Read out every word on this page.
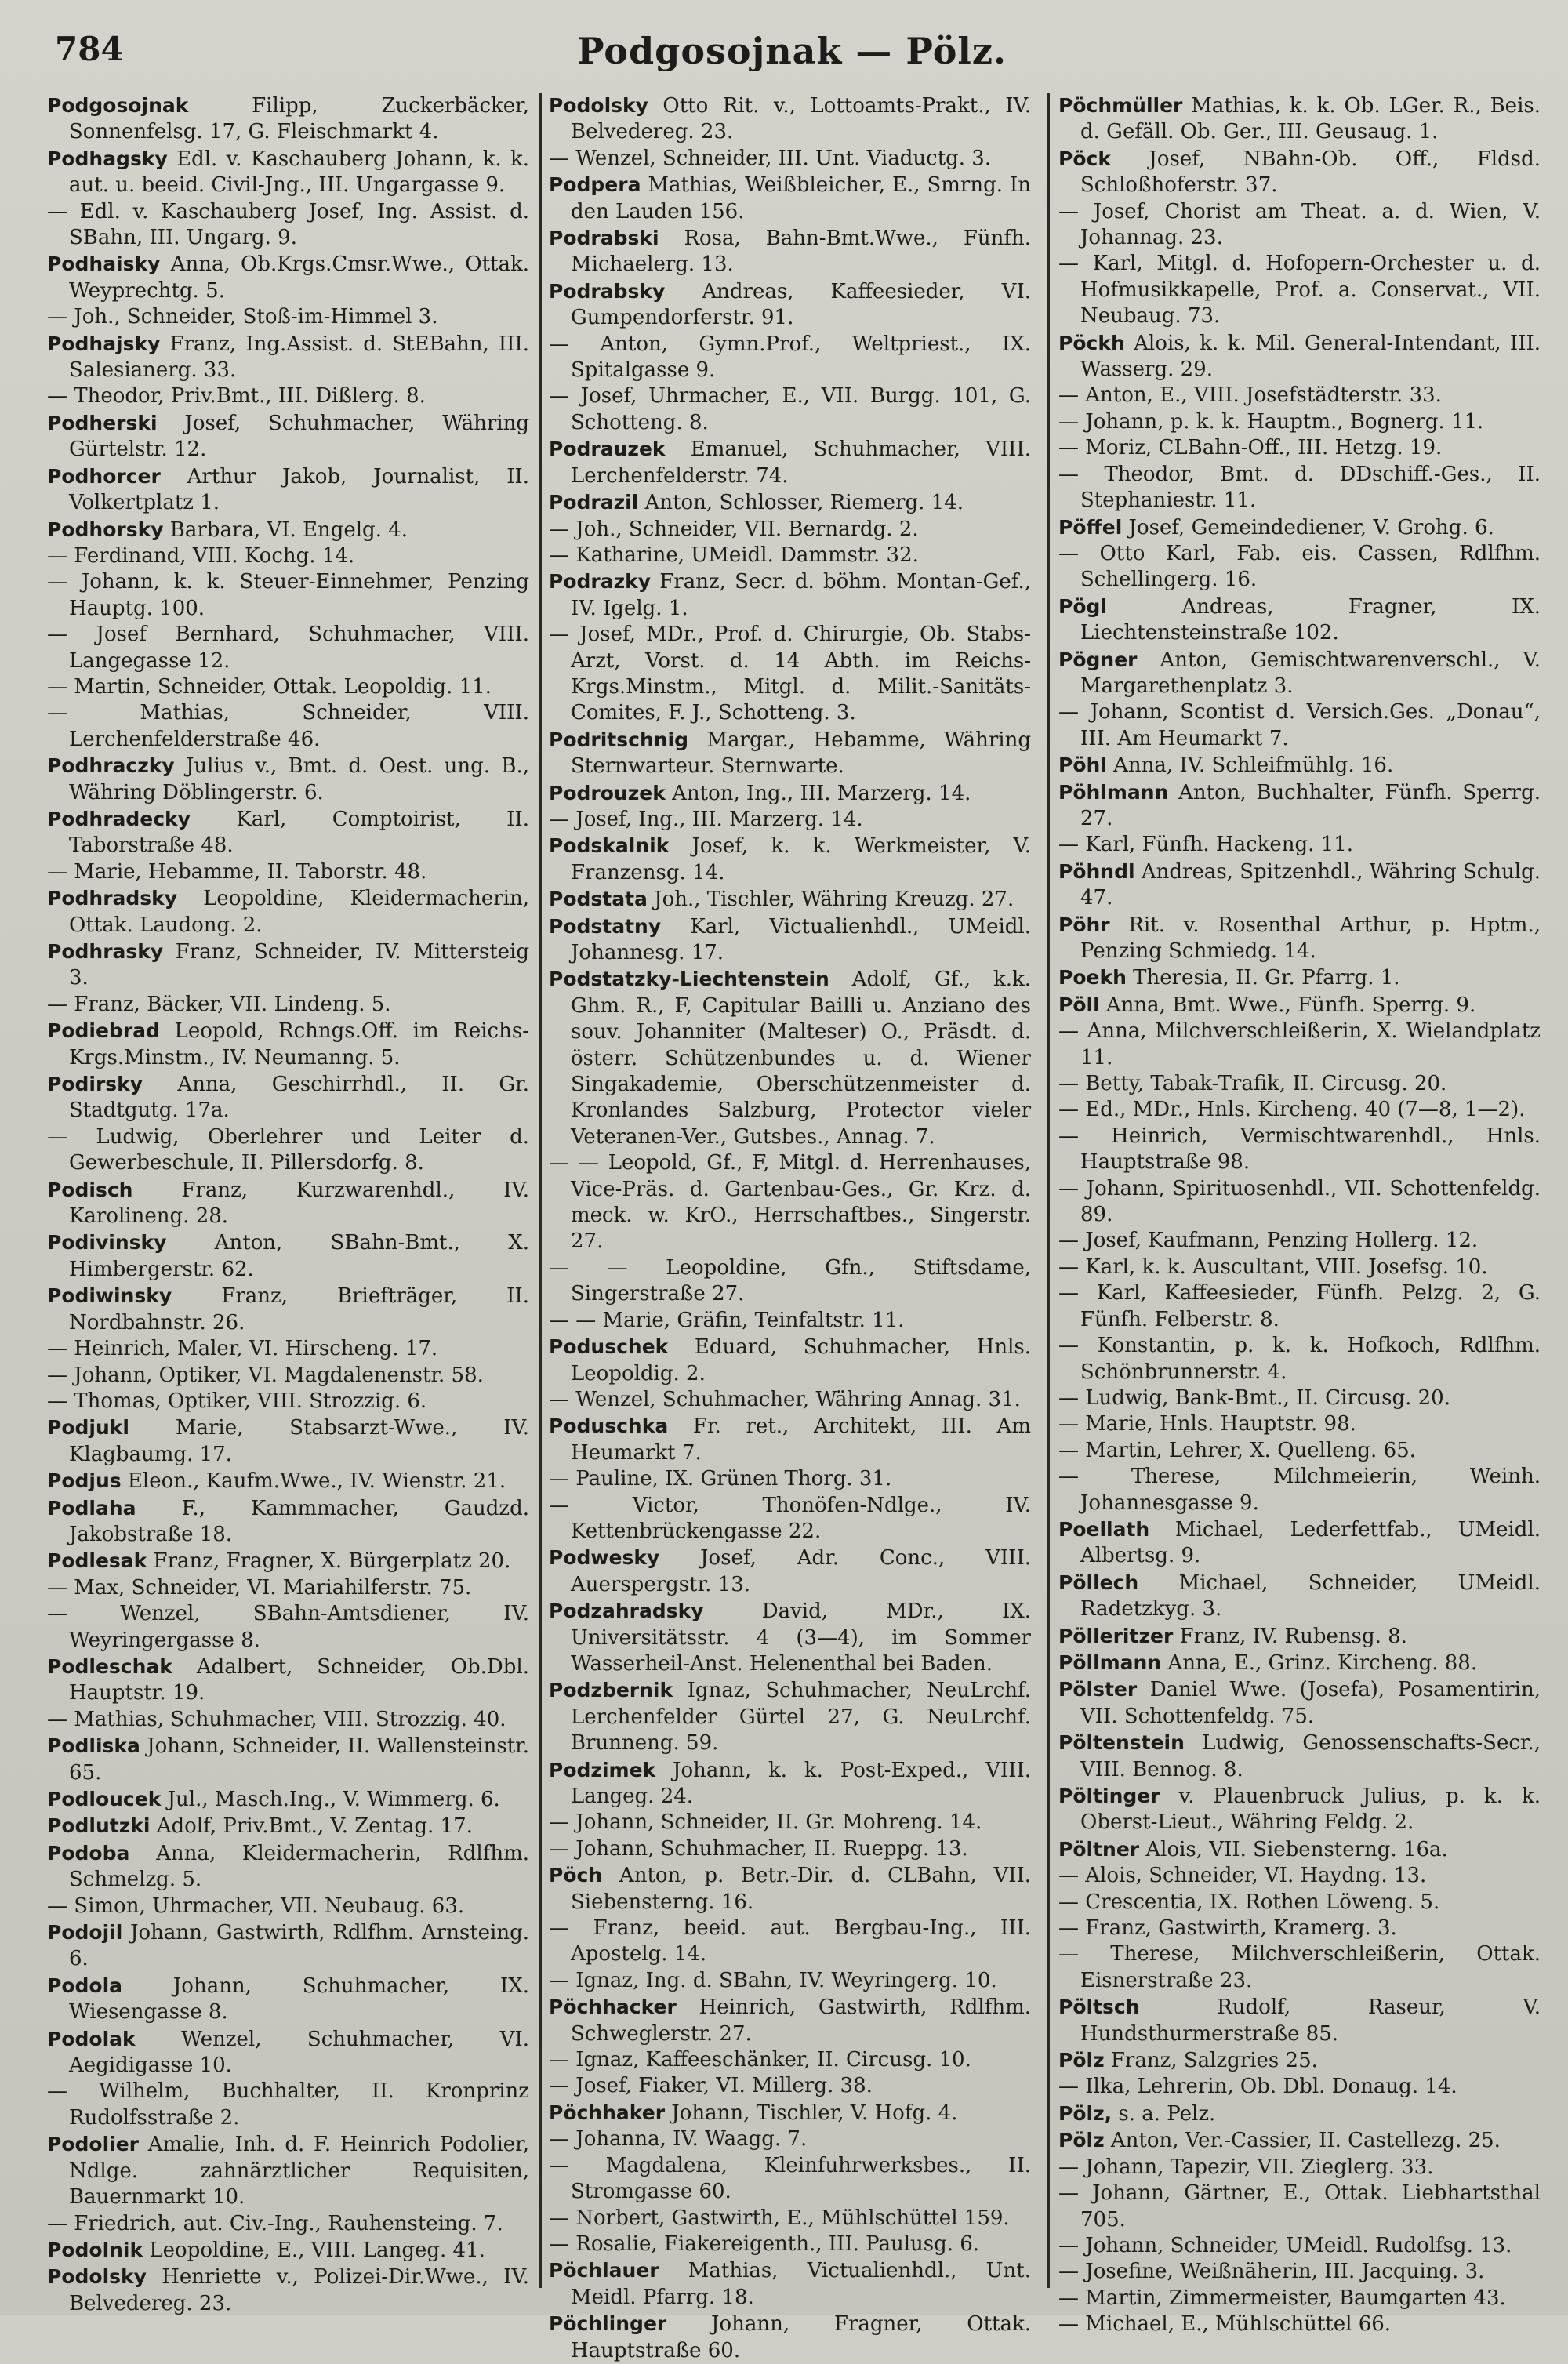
784	Podgosojnak — Pölz.

Podgosojnak Filipp, Zuckerbäcker, Sonnenfelsg. 17, G. Fleischmarkt 4.

Podhagsky Edl. v. Kaschauberg Johann, k. k. aut. u. beeid. Civil-Jng., III. Ungargasse 9.

— Edl. v. Kaschauberg Josef, Ing. Assist. d. SBahn, III. Ungarg. 9.

Podhaisky Anna, Ob.Krgs.Cmsr.Wwe., Ottak. Weyprechtg. 5.

— Joh., Schneider, Stoß-im-Himmel 3.

Podhajsky Franz, Ing.Assist. d. StEBahn, III. Salesianerg. 33.

— Theodor, Priv.Bmt., III. Dißlerg. 8.

Podherski Josef, Schuhmacher, Währing Gürtelstr. 12.

Podhorcer Arthur Jakob, Journalist, II. Volkertplatz 1.

Podhorsky Barbara, VI. Engelg. 4.

— Ferdinand, VIII. Kochg. 14.

— Johann, k. k. Steuer-Einnehmer, Penzing Hauptg. 100.

— Josef Bernhard, Schuhmacher, VIII. Langegasse 12.

— Martin, Schneider, Ottak. Leopoldig. 11.

— Mathias, Schneider, VIII. Lerchenfelderstraße 46.

Podhraczky Julius v., Bmt. d. Oest. ung. B., Währing Döblingerstr. 6.

Podhradecky Karl, Comptoirist, II. Taborstraße 48.

— Marie, Hebamme, II. Taborstr. 48.

Podhradsky Leopoldine, Kleidermacherin, Ottak. Laudong. 2.

Podhrasky Franz, Schneider, IV. Mittersteig 3.

— Franz, Bäcker, VII. Lindeng. 5.

Podiebrad Leopold, Rchngs.Off. im Reichs-Krgs.Minstm., IV. Neumanng. 5.

Podirsky Anna, Geschirrhdl., II. Gr. Stadtgutg. 17a.

— Ludwig, Oberlehrer und Leiter d. Gewerbeschule, II. Pillersdorfg. 8.

Podisch Franz, Kurzwarenhdl., IV. Karolineng. 28.

Podivinsky Anton, SBahn-Bmt., X. Himbergerstr. 62.

Podiwinsky Franz, Briefträger, II. Nordbahnstr. 26.

— Heinrich, Maler, VI. Hirscheng. 17.

— Johann, Optiker, VI. Magdalenenstr. 58.

— Thomas, Optiker, VIII. Strozzig. 6.

Podjukl Marie, Stabsarzt-Wwe., IV. Klagbaumg. 17.

Podjus Eleon., Kaufm.Wwe., IV. Wienstr. 21.

Podlaha F., Kammmacher, Gaudzd. Jakobstraße 18.

Podlesak Franz, Fragner, X. Bürgerplatz 20.

— Max, Schneider, VI. Mariahilferstr. 75.

— Wenzel, SBahn-Amtsdiener, IV. Weyringergasse 8.

Podleschak Adalbert, Schneider, Ob.Dbl. Hauptstr. 19.

— Mathias, Schuhmacher, VIII. Strozzig. 40.

Podliska Johann, Schneider, II. Wallensteinstr. 65.

Podloucek Jul., Masch.Ing., V. Wimmerg. 6.

Podlutzki Adolf, Priv.Bmt., V. Zentag. 17.

Podoba Anna, Kleidermacherin, Rdlfhm. Schmelzg. 5.

— Simon, Uhrmacher, VII. Neubaug. 63.

Podojil Johann, Gastwirth, Rdlfhm. Arnsteing. 6.

Podola Johann, Schuhmacher, IX. Wiesengasse 8.

Podolak Wenzel, Schuhmacher, VI. Aegidigasse 10.

— Wilhelm, Buchhalter, II. Kronprinz Rudolfsstraße 2.

Podolier Amalie, Inh. d. F. Heinrich Podolier, Ndlge. zahnärztlicher Requisiten, Bauernmarkt 10.

— Friedrich, aut. Civ.-Ing., Rauhensteing. 7.

Podolnik Leopoldine, E., VIII. Langeg. 41.

Podolsky Henriette v., Polizei-Dir.Wwe., IV. Belvedereg. 23.

Podolsky Otto Rit. v., Lottoamts-Prakt., IV. Belvedereg. 23.

— Wenzel, Schneider, III. Unt. Viaductg. 3.

Podpera Mathias, Weißbleicher, E., Smrng. In den Lauden 156.

Podrabski Rosa, Bahn-Bmt.Wwe., Fünfh. Michaelerg. 13.

Podrabsky Andreas, Kaffeesieder, VI. Gumpendorferstr. 91.

— Anton, Gymn.Prof., Weltpriest., IX. Spitalgasse 9.

— Josef, Uhrmacher, E., VII. Burgg. 101, G. Schotteng. 8.

Podrauzek Emanuel, Schuhmacher, VIII. Lerchenfelderstr. 74.

Podrazil Anton, Schlosser, Riemerg. 14.

— Joh., Schneider, VII. Bernardg. 2.

— Katharine, UMeidl. Dammstr. 32.

Podrazky Franz, Secr. d. böhm. Montan-Gef., IV. Igelg. 1.

— Josef, MDr., Prof. d. Chirurgie, Ob. Stabs-Arzt, Vorst. d. 14 Abth. im Reichs-Krgs.Minstm., Mitgl. d. Milit.-Sanitäts-Comites, F. J., Schotteng. 3.

Podritschnig Margar., Hebamme, Währing Sternwarteur. Sternwarte.

Podrouzek Anton, Ing., III. Marzerg. 14.

— Josef, Ing., III. Marzerg. 14.

Podskalnik Josef, k. k. Werkmeister, V. Franzensg. 14.

Podstata Joh., Tischler, Währing Kreuzg. 27.

Podstatny Karl, Victualienhdl., UMeidl. Johannesg. 17.

Podstatzky-Liechtenstein Adolf, Gf., k.k. Ghm. R., F, Capitular Bailli u. Anziano des souv. Johanniter (Malteser) O., Präsdt. d. österr. Schützenbundes u. d. Wiener Singakademie, Oberschützenmeister d. Kronlandes Salzburg, Protector vieler Veteranen-Ver., Gutsbes., Annag. 7.

— — Leopold, Gf., F, Mitgl. d. Herrenhauses, Vice-Präs. d. Gartenbau-Ges., Gr. Krz. d. meck. w. KrO., Herrschaftbes., Singerstr. 27.

— — Leopoldine, Gfn., Stiftsdame, Singerstraße 27.

— — Marie, Gräfin, Teinfaltstr. 11.

Poduschek Eduard, Schuhmacher, Hnls. Leopoldig. 2.

— Wenzel, Schuhmacher, Währing Annag. 31.

Poduschka Fr. ret., Architekt, III. Am Heumarkt 7.

— Pauline, IX. Grünen Thorg. 31.

— Victor, Thonöfen-Ndlge., IV. Kettenbrückengasse 22.

Podwesky Josef, Adr. Conc., VIII. Auerspergstr. 13.

Podzahradsky David, MDr., IX. Universitätsstr. 4 (3—4), im Sommer Wasserheil-Anst. Helenenthal bei Baden.

Podzbernik Ignaz, Schuhmacher, NeuLrchf. Lerchenfelder Gürtel 27, G. NeuLrchf. Brunneng. 59.

Podzimek Johann, k. k. Post-Exped., VIII. Langeg. 24.

— Johann, Schneider, II. Gr. Mohreng. 14.

— Johann, Schuhmacher, II. Rueppg. 13.

Pöch Anton, p. Betr.-Dir. d. CLBahn, VII. Siebensterng. 16.

— Franz, beeid. aut. Bergbau-Ing., III. Apostelg. 14.

— Ignaz, Ing. d. SBahn, IV. Weyringerg. 10.

Pöchhacker Heinrich, Gastwirth, Rdlfhm. Schweglerstr. 27.

— Ignaz, Kaffeeschänker, II. Circusg. 10.

— Josef, Fiaker, VI. Millerg. 38.

Pöchhaker Johann, Tischler, V. Hofg. 4.

— Johanna, IV. Waagg. 7.

— Magdalena, Kleinfuhrwerksbes., II. Stromgasse 60.

— Norbert, Gastwirth, E., Mühlschüttel 159.

— Rosalie, Fiakereigenth., III. Paulusg. 6.

Pöchlauer Mathias, Victualienhdl., Unt. Meidl. Pfarrg. 18.

Pöchlinger Johann, Fragner, Ottak. Hauptstraße 60.

Pöchmüller Mathias, k. k. Ob. LGer. R., Beis. d. Gefäll. Ob. Ger., III. Geusaug. 1.

Pöck Josef, NBahn-Ob. Off., Fldsd. Schloßhoferstr. 37.

— Josef, Chorist am Theat. a. d. Wien, V. Johannag. 23.

— Karl, Mitgl. d. Hofopern-Orchester u. d. Hofmusikkapelle, Prof. a. Conservat., VII. Neubaug. 73.

Pöckh Alois, k. k. Mil. General-Intendant, III. Wasserg. 29.

— Anton, E., VIII. Josefstädterstr. 33.

— Johann, p. k. k. Hauptm., Bognerg. 11.

— Moriz, CLBahn-Off., III. Hetzg. 19.

— Theodor, Bmt. d. DDschiff.-Ges., II. Stephaniestr. 11.

Pöffel Josef, Gemeindediener, V. Grohg. 6.

— Otto Karl, Fab. eis. Cassen, Rdlfhm. Schellingerg. 16.

Pögl Andreas, Fragner, IX. Liechtensteinstraße 102.

Pögner Anton, Gemischtwarenverschl., V. Margarethenplatz 3.

— Johann, Scontist d. Versich.Ges. „Donau“, III. Am Heumarkt 7.

Pöhl Anna, IV. Schleifmühlg. 16.

Pöhlmann Anton, Buchhalter, Fünfh. Sperrg. 27.

— Karl, Fünfh. Hackeng. 11.

Pöhndl Andreas, Spitzenhdl., Währing Schulg. 47.

Pöhr Rit. v. Rosenthal Arthur, p. Hptm., Penzing Schmiedg. 14.

Poekh Theresia, II. Gr. Pfarrg. 1.

Pöll Anna, Bmt. Wwe., Fünfh. Sperrg. 9.

— Anna, Milchverschleißerin, X. Wielandplatz 11.

— Betty, Tabak-Trafik, II. Circusg. 20.

— Ed., MDr., Hnls. Kircheng. 40 (7—8, 1—2).

— Heinrich, Vermischtwarenhdl., Hnls. Hauptstraße 98.

— Johann, Spirituosenhdl., VII. Schottenfeldg. 89.

— Josef, Kaufmann, Penzing Hollerg. 12.

— Karl, k. k. Auscultant, VIII. Josefsg. 10.

— Karl, Kaffeesieder, Fünfh. Pelzg. 2, G. Fünfh. Felberstr. 8.

— Konstantin, p. k. k. Hofkoch, Rdlfhm. Schönbrunnerstr. 4.

— Ludwig, Bank-Bmt., II. Circusg. 20.

— Marie, Hnls. Hauptstr. 98.

— Martin, Lehrer, X. Quelleng. 65.

— Therese, Milchmeierin, Weinh. Johannesgasse 9.

Poellath Michael, Lederfettfab., UMeidl. Albertsg. 9.

Pöllech Michael, Schneider, UMeidl. Radetzkyg. 3.

Pölleritzer Franz, IV. Rubensg. 8.

Pöllmann Anna, E., Grinz. Kircheng. 88.

Pölster Daniel Wwe. (Josefa), Posamentirin, VII. Schottenfeldg. 75.

Pöltenstein Ludwig, Genossenschafts-Secr., VIII. Bennog. 8.

Pöltinger v. Plauenbruck Julius, p. k. k. Oberst-Lieut., Währing Feldg. 2.

Pöltner Alois, VII. Siebensterng. 16a.

— Alois, Schneider, VI. Haydng. 13.

— Crescentia, IX. Rothen Löweng. 5.

— Franz, Gastwirth, Kramerg. 3.

— Therese, Milchverschleißerin, Ottak. Eisnerstraße 23.

Pöltsch Rudolf, Raseur, V. Hundsthurmerstraße 85.

Pölz Franz, Salzgries 25.

— Ilka, Lehrerin, Ob. Dbl. Donaug. 14.

Pölz, s. a. Pelz.

Pölz Anton, Ver.-Cassier, II. Castellezg. 25.

— Johann, Tapezir, VII. Zieglerg. 33.

— Johann, Gärtner, E., Ottak. Liebhartsthal 705.

— Johann, Schneider, UMeidl. Rudolfsg. 13.

— Josefine, Weißnäherin, III. Jacquing. 3.

— Martin, Zimmermeister, Baumgarten 43.

— Michael, E., Mühlschüttel 66.
